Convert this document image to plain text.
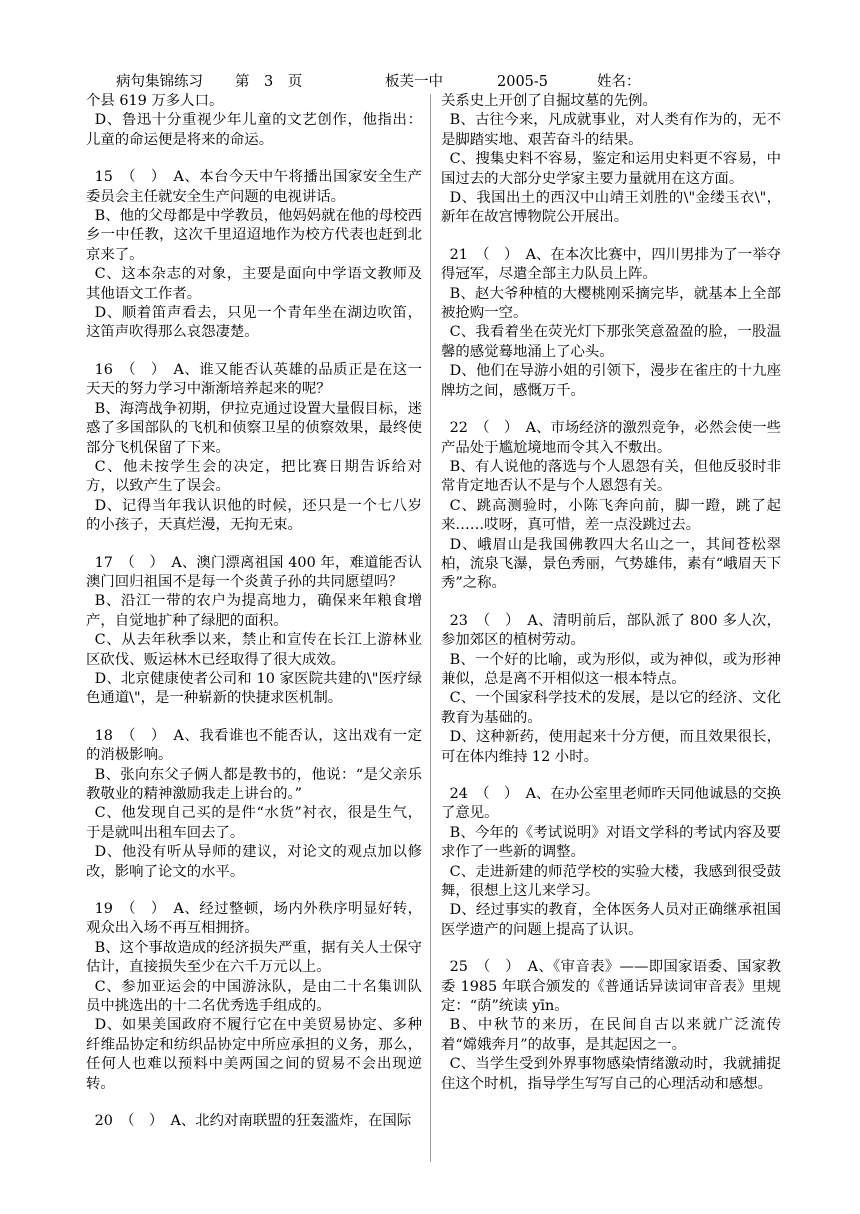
病句集锦练习 第　3　页	板芙一中	2005-5	姓名：

个县 619 万多人口。

D、鲁迅十分重视少年儿童的文艺创作，他指出：儿童的命运便是将来的命运。

15　（　）　A、本台今天中午将播出国家安全生产委员会主任就安全生产问题的电视讲话。

B、他的父母都是中学教员，他妈妈就在他的母校西乡一中任教，这次千里迢迢地作为校方代表也赶到北京来了。

C、这本杂志的对象，主要是面向中学语文教师及其他语文工作者。

D、顺着笛声看去，只见一个青年坐在湖边吹笛，这笛声吹得那么哀怨凄楚。

16　（　）　A、谁又能否认英雄的品质正是在这一天天的努力学习中渐渐培养起来的呢？

B、海湾战争初期，伊拉克通过设置大量假目标，迷惑了多国部队的飞机和侦察卫星的侦察效果，最终使部分飞机保留了下来。

C、他未按学生会的决定，把比赛日期告诉给对方，以致产生了误会。

D、记得当年我认识他的时候，还只是一个七八岁的小孩子，天真烂漫，无拘无束。

17　（　）　A、澳门漂离祖国 400 年，难道能否认澳门回归祖国不是每一个炎黄子孙的共同愿望吗？

B、沿江一带的农户为提高地力，确保来年粮食增产，自觉地扩种了绿肥的面积。

C、从去年秋季以来，禁止和宣传在长江上游林业区砍伐、贩运林木已经取得了很大成效。

D、北京健康使者公司和 10 家医院共建的\"医疗绿色通道\"，是一种崭新的快捷求医机制。

18　（　）　A、我看谁也不能否认，这出戏有一定的消极影响。

B、张向东父子俩人都是教书的，他说：“是父亲乐教敬业的精神激励我走上讲台的。”

C、他发现自己买的是件“水货”衬衣，很是生气，于是就叫出租车回去了。

D、他没有听从导师的建议，对论文的观点加以修改，影响了论文的水平。

19　（　）　A、经过整顿，场内外秩序明显好转，观众出入场不再互相拥挤。

B、这个事故造成的经济损失严重，据有关人士保守估计，直接损失至少在六千万元以上。

C、参加亚运会的中国游泳队，是由二十名集训队员中挑选出的十二名优秀选手组成的。

D、如果美国政府不履行它在中美贸易协定、多种纤维品协定和纺织品协定中所应承担的义务，那么，任何人也难以预料中美两国之间的贸易不会出现逆转。

20　（　）　A、北约对南联盟的狂轰滥炸，在国际

关系史上开创了自掘坟墓的先例。

B、古往今来，凡成就事业，对人类有作为的，无不是脚踏实地、艰苦奋斗的结果。

C、搜集史料不容易，鉴定和运用史料更不容易，中国过去的大部分史学家主要力量就用在这方面。

D、我国出土的西汉中山靖王刘胜的\"金缕玉衣\"，新年在故宫博物院公开展出。

21　（　）　A、在本次比赛中，四川男排为了一举夺得冠军，尽遣全部主力队员上阵。

B、赵大爷种植的大樱桃刚采摘完毕，就基本上全部被抢购一空。

C、我看着坐在荧光灯下那张笑意盈盈的脸，一股温馨的感觉蓦地涌上了心头。

D、他们在导游小姐的引领下，漫步在雀庄的十九座牌坊之间，感慨万千。

22　（　）　A、市场经济的激烈竞争，必然会使一些产品处于尴尬境地而令其入不敷出。

B、有人说他的落选与个人恩怨有关，但他反驳时非常肯定地否认不是与个人恩怨有关。

C、跳高测验时，小陈飞奔向前，脚一蹬，跳了起来……哎呀，真可惜，差一点没跳过去。

D、峨眉山是我国佛教四大名山之一，其间苍松翠柏，流泉飞瀑，景色秀丽，气势雄伟，素有“峨眉天下秀”之称。

23　（　）　A、清明前后，部队派了 800 多人次，参加郊区的植树劳动。

B、一个好的比喻，或为形似，或为神似，或为形神兼似，总是离不开相似这一根本特点。

C、一个国家科学技术的发展，是以它的经济、文化教育为基础的。

D、这种新药，使用起来十分方便，而且效果很长，可在体内维持 12 小时。

24　（　）　A、在办公室里老师昨天同他诚恳的交换了意见。

B、今年的《考试说明》对语文学科的考试内容及要求作了一些新的调整。

C、走进新建的师范学校的实验大楼，我感到很受鼓舞，很想上这儿来学习。

D、经过事实的教育，全体医务人员对正确继承祖国医学遗产的问题上提高了认识。

25　（　）　A、《审音表》——即国家语委、国家教委 1985 年联合颁发的《普通话异读词审音表》里规定：“荫”统读 yīn。

B、中秋节的来历，在民间自古以来就广泛流传着“嫦娥奔月”的故事，是其起因之一。

C、当学生受到外界事物感染情绪激动时，我就捕捉住这个时机，指导学生写写自己的心理活动和感想。
